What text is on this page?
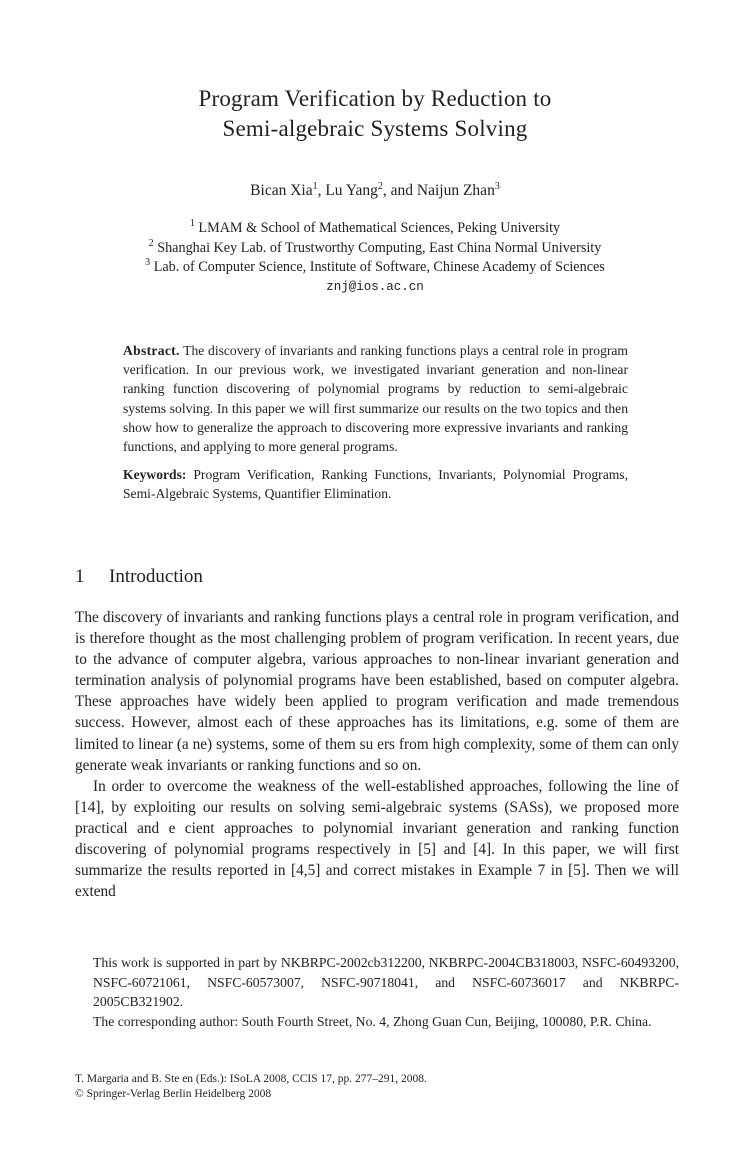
Program Verification by Reduction to
Semi-algebraic Systems Solving
Bican Xia$^1$, Lu Yang$^2$, and Naijun Zhan$^3$
$^1$ LMAM & School of Mathematical Sciences, Peking University
$^2$ Shanghai Key Lab. of Trustworthy Computing, East China Normal University
$^3$ Lab. of Computer Science, Institute of Software, Chinese Academy of Sciences
znj@ios.ac.cn

Abstract. The discovery of invariants and ranking functions plays a central role in program verification. In our previous work, we investigated invariant generation and non-linear ranking function discovering of polynomial programs by reduction to semi-algebraic systems solving. In this paper we will first summarize our results on the two topics and then show how to generalize the approach to discovering more expressive invariants and ranking functions, and applying to more general programs.

Keywords: Program Verification, Ranking Functions, Invariants, Polynomial Programs, Semi-Algebraic Systems, Quantifier Elimination.

1 Introduction

The discovery of invariants and ranking functions plays a central role in program verification, and is therefore thought as the most challenging problem of program verification. In recent years, due to the advance of computer algebra, various approaches to non-linear invariant generation and termination analysis of polynomial programs have been established, based on computer algebra. These approaches have widely been applied to program verification and made tremendous success. However, almost each of these approaches has its limitations, e.g. some of them are limited to linear (a ne) systems, some of them su ers from high complexity, some of them can only generate weak invariants or ranking functions and so on.

In order to overcome the weakness of the well-established approaches, following the line of [14], by exploiting our results on solving semi-algebraic systems (SASs), we proposed more practical and e cient approaches to polynomial invariant generation and ranking function discovering of polynomial programs respectively in [5] and [4]. In this paper, we will first summarize the results reported in [4,5] and correct mistakes in Example 7 in [5]. Then we will extend

This work is supported in part by NKBRPC-2002cb312200, NKBRPC-2004CB318003, NSFC-60493200, NSFC-60721061, NSFC-60573007, NSFC-90718041, and NSFC-60736017 and NKBRPC-2005CB321902.

The corresponding author: South Fourth Street, No. 4, Zhong Guan Cun, Beijing, 100080, P.R. China.

T. Margaria and B. Ste en (Eds.): ISoLA 2008, CCIS 17, pp. 277–291, 2008.

© Springer-Verlag Berlin Heidelberg 2008
